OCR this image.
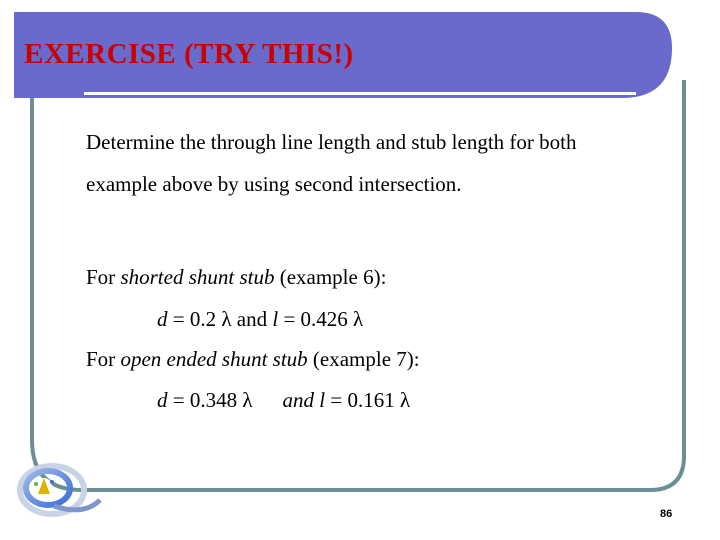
EXERCISE (TRY THIS!)
Determine the through line length and stub length for both
example above by using second intersection.
For shorted shunt stub (example 6):
d = 0.2 λ and l = 0.426 λ
For open ended shunt stub (example 7):
d = 0.348 λ and l = 0.161 λ
86
